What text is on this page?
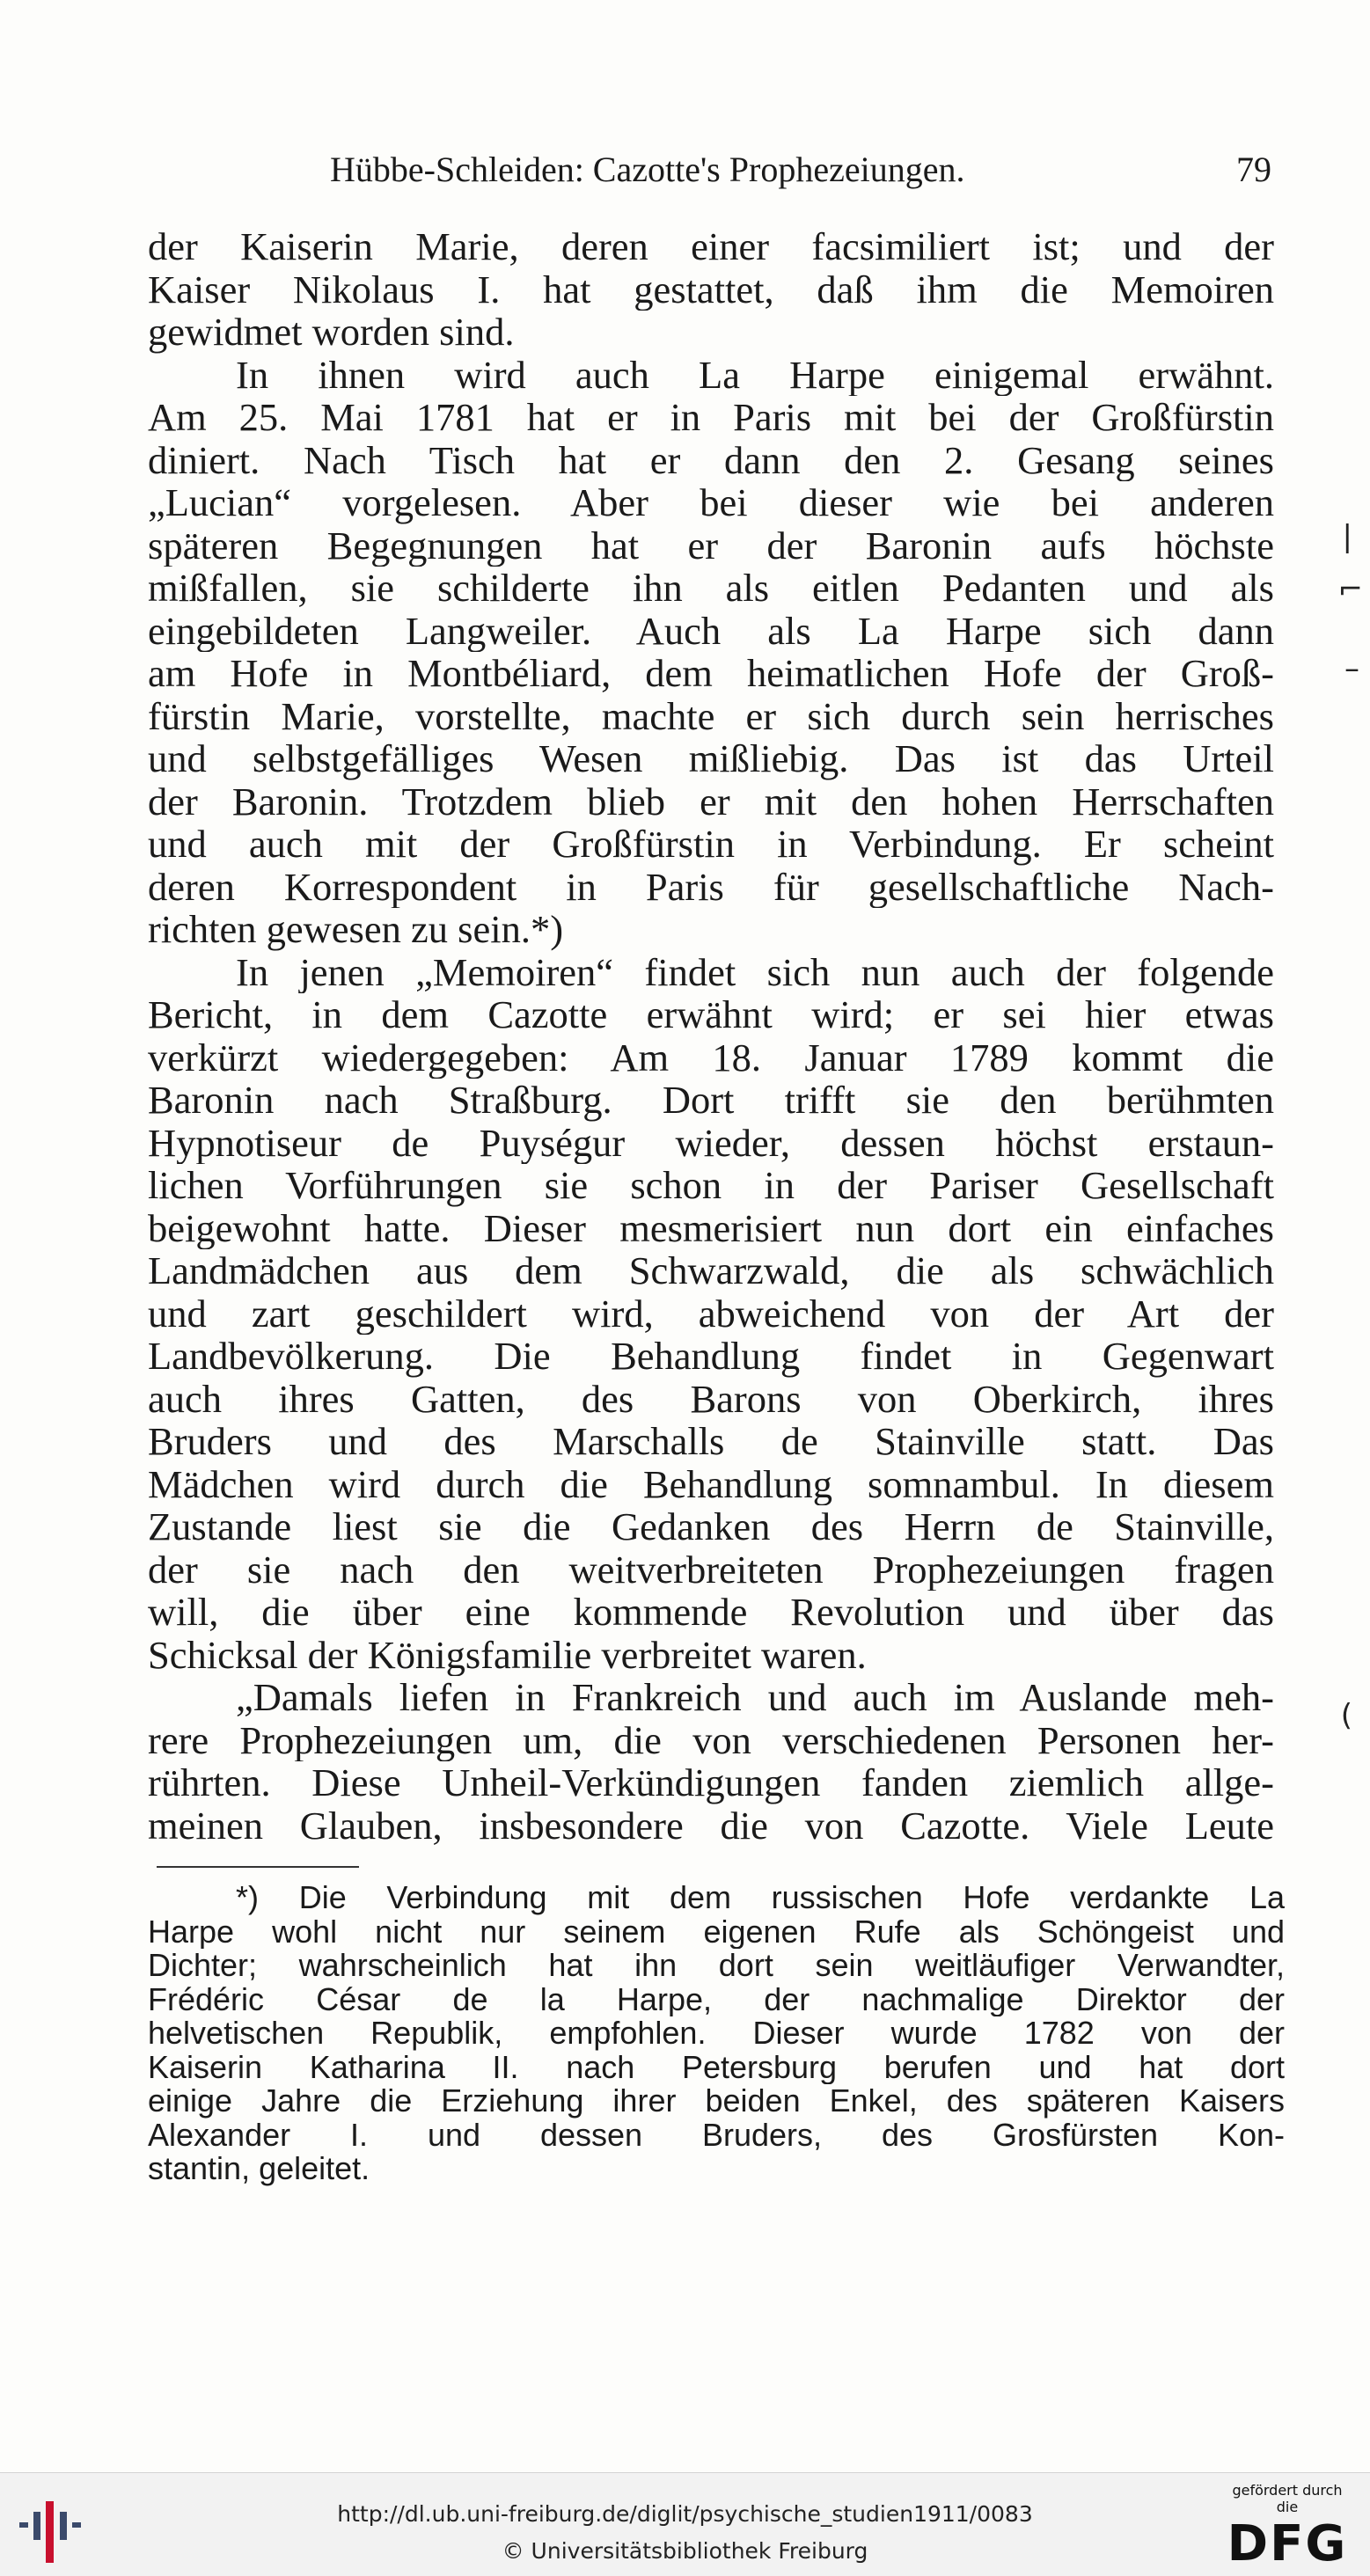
Hübbe-Schleiden: Cazotte's Prophezeiungen.	79
der Kaiserin Marie, deren einer facsimiliert ist; und der
Kaiser Nikolaus I. hat gestattet, daß ihm die Memoiren
gewidmet worden sind.
In ihnen wird auch La Harpe einigemal erwähnt.
Am 25. Mai 1781 hat er in Paris mit bei der Großfürstin
diniert. Nach Tisch hat er dann den 2. Gesang seines
„Lucian“ vorgelesen. Aber bei dieser wie bei anderen
späteren Begegnungen hat er der Baronin aufs höchste
mißfallen, sie schilderte ihn als eitlen Pedanten und als
eingebildeten Langweiler. Auch als La Harpe sich dann
am Hofe in Montbéliard, dem heimatlichen Hofe der Groß-
fürstin Marie, vorstellte, machte er sich durch sein herrisches
und selbstgefälliges Wesen mißliebig. Das ist das Urteil
der Baronin. Trotzdem blieb er mit den hohen Herrschaften
und auch mit der Großfürstin in Verbindung. Er scheint
deren Korrespondent in Paris für gesellschaftliche Nach-
richten gewesen zu sein.*)
In jenen „Memoiren“ findet sich nun auch der folgende
Bericht, in dem Cazotte erwähnt wird; er sei hier etwas
verkürzt wiedergegeben: Am 18. Januar 1789 kommt die
Baronin nach Straßburg. Dort trifft sie den berühmten
Hypnotiseur de Puységur wieder, dessen höchst erstaun-
lichen Vorführungen sie schon in der Pariser Gesellschaft
beigewohnt hatte. Dieser mesmerisiert nun dort ein einfaches
Landmädchen aus dem Schwarzwald, die als schwächlich
und zart geschildert wird, abweichend von der Art der
Landbevölkerung. Die Behandlung findet in Gegenwart
auch ihres Gatten, des Barons von Oberkirch, ihres
Bruders und des Marschalls de Stainville statt. Das
Mädchen wird durch die Behandlung somnambul. In diesem
Zustande liest sie die Gedanken des Herrn de Stainville,
der sie nach den weitverbreiteten Prophezeiungen fragen
will, die über eine kommende Revolution und über das
Schicksal der Königsfamilie verbreitet waren.
„Damals liefen in Frankreich und auch im Auslande meh-
rere Prophezeiungen um, die von verschiedenen Personen her-
rührten. Diese Unheil-Verkündigungen fanden ziemlich allge-
meinen Glauben, insbesondere die von Cazotte. Viele Leute
*) Die Verbindung mit dem russischen Hofe verdankte La
Harpe wohl nicht nur seinem eigenen Rufe als Schöngeist und
Dichter; wahrscheinlich hat ihn dort sein weitläufiger Verwandter,
Frédéric César de la Harpe, der nachmalige Direktor der
helvetischen Republik, empfohlen. Dieser wurde 1782 von der
Kaiserin Katharina II. nach Petersburg berufen und hat dort
einige Jahre die Erziehung ihrer beiden Enkel, des späteren Kaisers
Alexander I. und dessen Bruders, des Grosfürsten Kon-
stantin, geleitet.
|
⌐
–
(
http://dl.ub.uni-freiburg.de/diglit/psychische_studien1911/0083
© Universitätsbibliothek Freiburg
gefördert durch die
DFG
